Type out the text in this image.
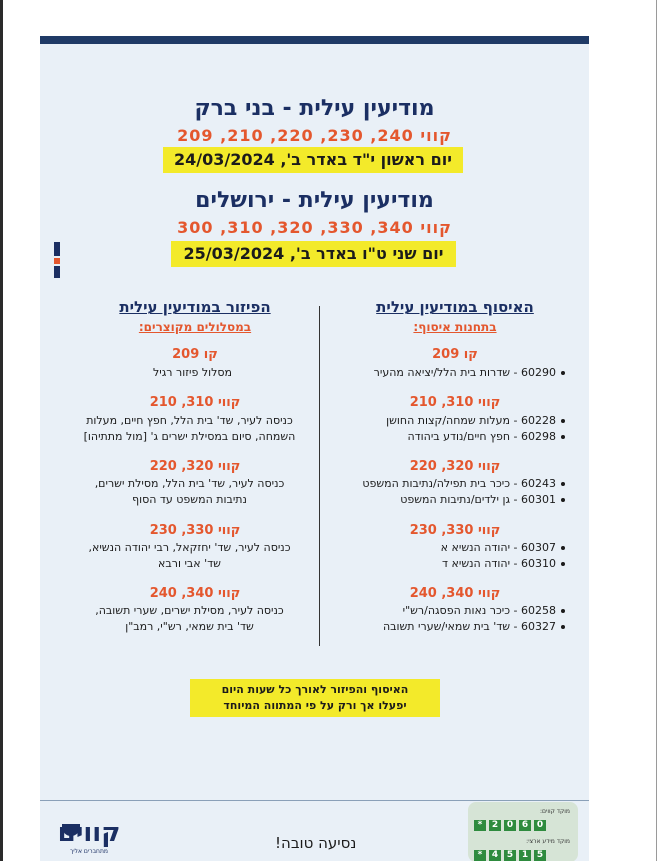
מודיעין עילית - בני ברק
קווי 240, 230, 220, 210, 209
יום ראשון י"ד באדר ב', 24/03/2024
מודיעין עילית - ירושלים
קווי 340, 330, 320, 310, 300
יום שני ט"ו באדר ב', 25/03/2024
האיסוף במודיעין עילית
בתחנות איסוף:
הפיזור במודיעין עילית
במסלולים מקוצרים:
קו 209
60290 - שדרות בית הלל/יציאה מהעיר
קווי 310, 210
60228 - מעלות שמחה/קצות החושן
60298 - חפץ חיים/נודע ביהודה
קווי 320, 220
60243 - כיכר בית תפילה/נתיבות המשפט
60301 - גן ילדים/נתיבות המשפט
קווי 330, 230
60307 - יהודה הנשיא א
60310 - יהודה הנשיא ד
קווי 340, 240
60258 - כיכר נאות הפסגה/רש"י
60327 - שד' בית שמאי/שערי תשובה
קו 209
מסלול פיזור רגיל
קווי 310, 210
כניסה לעיר, שד' בית הלל, חפץ חיים, מעלות
השמחה, סיום במסילת ישרים ג' [מול מתתיהו]
קווי 320, 220
כניסה לעיר, שד' בית הלל, מסילת ישרים,
נתיבות המשפט עד הסוף
קווי 330, 230
כניסה לעיר, שד' יחזקאל, רבי יהודה הנשיא,
שד' אבי ורבא
קווי 340, 240
כניסה לעיר, מסילת ישרים, שערי תשובה,
שד' בית שמאי, רש"י, רמב"ן
האיסוף והפיזור לאורך כל שעות היום
יפעלו אך ורק על פי המתווה המיוחד
קווים
מתחברים אליך	נסיעה טובה!
מוקד קווים:
*	2 0 6 0
מוקד מידע ארצי:
*	4 5 1 5
